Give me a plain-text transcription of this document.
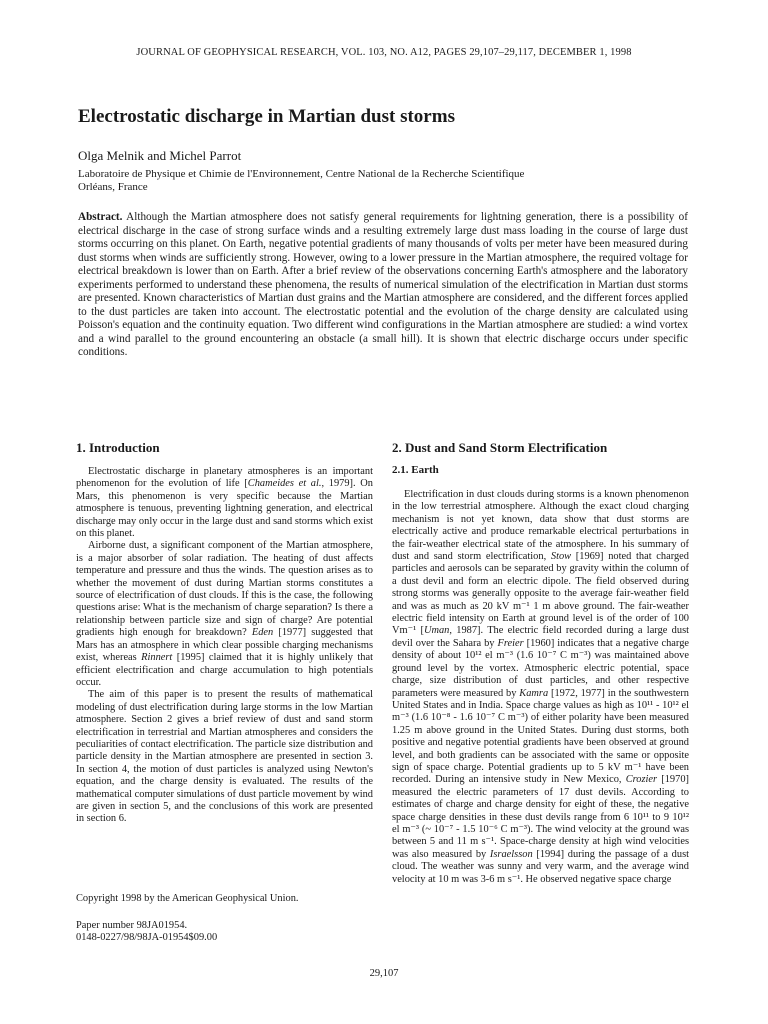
JOURNAL OF GEOPHYSICAL RESEARCH, VOL. 103, NO. A12, PAGES 29,107–29,117, DECEMBER 1, 1998
Electrostatic discharge in Martian dust storms
Olga Melnik and Michel Parrot
Laboratoire de Physique et Chimie de l'Environnement, Centre National de la Recherche Scientifique
Orléans, France

Abstract. Although the Martian atmosphere does not satisfy general requirements for lightning generation, there is a possibility of electrical discharge in the case of strong surface winds and a resulting extremely large dust mass loading in the course of large dust storms occurring on this planet. On Earth, negative potential gradients of many thousands of volts per meter have been measured during dust storms when winds are sufficiently strong. However, owing to a lower pressure in the Martian atmosphere, the required voltage for electrical breakdown is lower than on Earth. After a brief review of the observations concerning Earth's atmosphere and the laboratory experiments performed to understand these phenomena, the results of numerical simulation of the electrification in Martian dust storms are presented. Known characteristics of Martian dust grains and the Martian atmosphere are considered, and the different forces applied to the dust particles are taken into account. The electrostatic potential and the evolution of the charge density are calculated using Poisson's equation and the continuity equation. Two different wind configurations in the Martian atmosphere are studied: a wind vortex and a wind parallel to the ground encountering an obstacle (a small hill). It is shown that electric discharge occurs under specific conditions.

1. Introduction

Electrostatic discharge in planetary atmospheres is an important phenomenon for the evolution of life [Chameides et al., 1979]. On Mars, this phenomenon is very specific because the Martian atmosphere is tenuous, preventing lightning generation, and electrical discharge may only occur in the large dust and sand storms which exist on this planet.

Airborne dust, a significant component of the Martian atmosphere, is a major absorber of solar radiation. The heating of dust affects temperature and pressure and thus the winds. The question arises as to whether the movement of dust during Martian storms constitutes a source of electrification of dust clouds. If this is the case, the following questions arise: What is the mechanism of charge separation? Is there a relationship between particle size and sign of charge? Are potential gradients high enough for breakdown? Eden [1977] suggested that Mars has an atmosphere in which clear possible charging mechanisms exist, whereas Rinnert [1995] claimed that it is highly unlikely that efficient electrification and charge accumulation to high potentials occur.

The aim of this paper is to present the results of mathematical modeling of dust electrification during large storms in the low Martian atmosphere. Section 2 gives a brief review of dust and sand storm electrification in terrestrial and Martian atmospheres and considers the peculiarities of contact electrification. The particle size distribution and particle density in the Martian atmosphere are presented in section 3. In section 4, the motion of dust particles is analyzed using Newton's equation, and the charge density is evaluated. The results of the mathematical computer simulations of dust particle movement by wind are given in section 5, and the conclusions of this work are presented in section 6.

Copyright 1998 by the American Geophysical Union.
Paper number 98JA01954.
0148-0227/98/98JA-01954$09.00
2. Dust and Sand Storm Electrification
2.1. Earth

Electrification in dust clouds during storms is a known phenomenon in the low terrestrial atmosphere. Although the exact cloud charging mechanism is not yet known, data show that dust storms are electrically active and produce remarkable electrical perturbations in the fair-weather electrical state of the atmosphere. In his summary of dust and sand storm electrification, Stow [1969] noted that charged particles and aerosols can be separated by gravity within the column of a dust devil and form an electric dipole. The field observed during strong storms was generally opposite to the average fair-weather field and was as much as 20 kV m⁻¹ 1 m above ground. The fair-weather electric field intensity on Earth at ground level is of the order of 100 Vm⁻¹ [Uman, 1987]. The electric field recorded during a large dust devil over the Sahara by Freier [1960] indicates that a negative charge density of about 10¹² el m⁻³ (1.6 10⁻⁷ C m⁻³) was maintained above ground level by the vortex. Atmospheric electric potential, space charge, size distribution of dust particles, and other respective parameters were measured by Kamra [1972, 1977] in the southwestern United States and in India. Space charge values as high as 10¹¹ - 10¹² el m⁻³ (1.6 10⁻⁸ - 1.6 10⁻⁷ C m⁻³) of either polarity have been measured 1.25 m above ground in the United States. During dust storms, both positive and negative potential gradients have been observed at ground level, and both gradients can be associated with the same or opposite sign of space charge. Potential gradients up to 5 kV m⁻¹ have been recorded. During an intensive study in New Mexico, Crozier [1970] measured the electric parameters of 17 dust devils. According to estimates of charge and charge density for eight of these, the negative space charge densities in these dust devils range from 6 10¹¹ to 9 10¹² el m⁻³ (~ 10⁻⁷ - 1.5 10⁻⁶ C m⁻³). The wind velocity at the ground was between 5 and 11 m s⁻¹. Space-charge density at high wind velocities was also measured by Israelsson [1994] during the passage of a dust cloud. The weather was sunny and very warm, and the average wind velocity at 10 m was 3-6 m s⁻¹. He observed negative space charge

29,107
